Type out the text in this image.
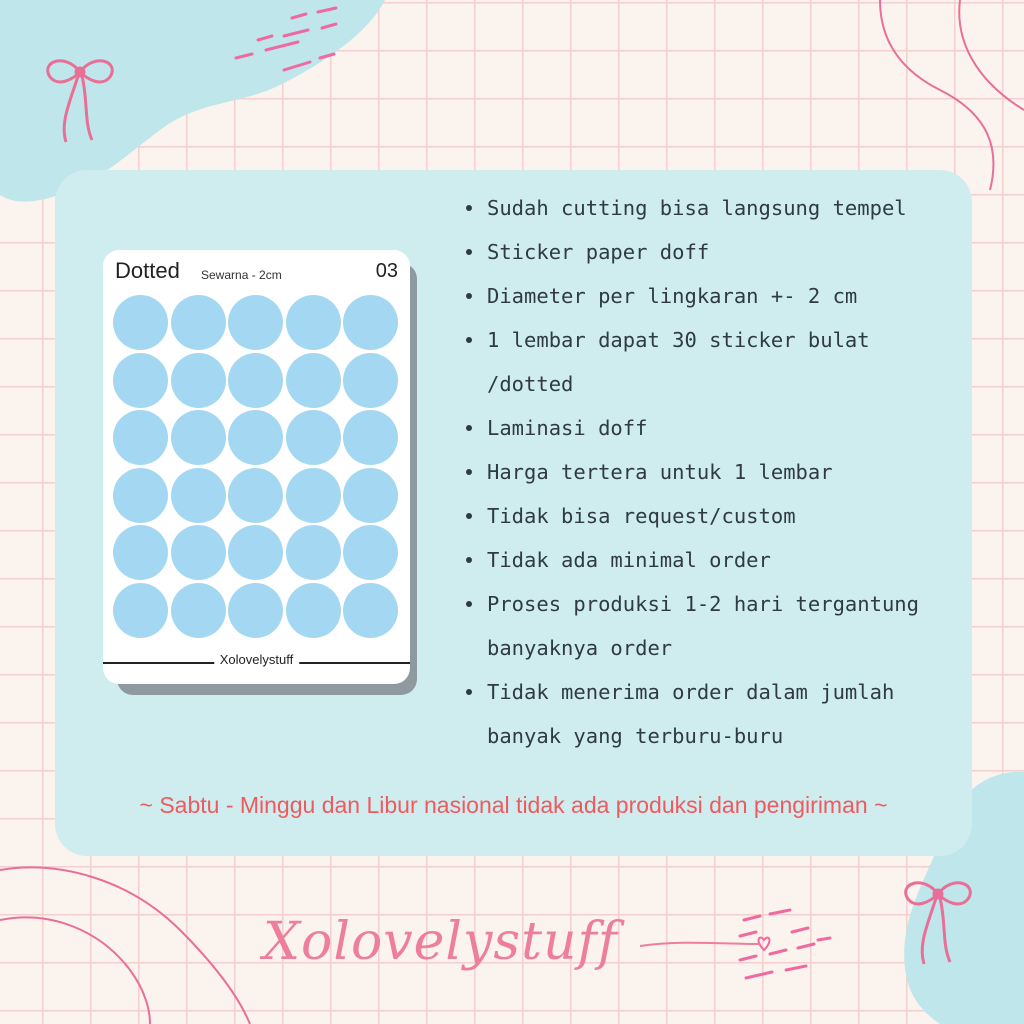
Dotted Sewarna - 2cm	03
Xolovelystuff
Sudah cutting bisa langsung tempel
Sticker paper doff
Diameter per lingkaran +- 2 cm
1 lembar dapat 30 sticker bulat /dotted
Laminasi doff
Harga tertera untuk 1 lembar
Tidak bisa request/custom
Tidak ada minimal order
Proses produksi 1-2 hari tergantung banyaknya order
Tidak menerima order dalam jumlah banyak yang terburu-buru
~ Sabtu - Minggu dan Libur nasional tidak ada produksi dan pengiriman ~
Xolovelystuff
